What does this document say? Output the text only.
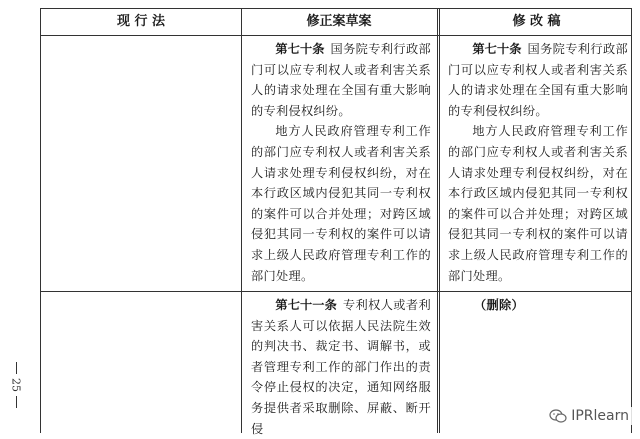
现 行 法	修正案草案	修 改 稿

第七十条 国务院专利行政部门可以应专利权人或者利害关系人的请求处理在全国有重大影响的专利侵权纠纷。

地方人民政府管理专利工作的部门应专利权人或者利害关系人请求处理专利侵权纠纷，对在本行政区域内侵犯其同一专利权的案件可以合并处理；对跨区域侵犯其同一专利权的案件可以请求上级人民政府管理专利工作的部门处理。

第七十条 国务院专利行政部门可以应专利权人或者利害关系人的请求处理在全国有重大影响的专利侵权纠纷。

地方人民政府管理专利工作的部门应专利权人或者利害关系人请求处理专利侵权纠纷，对在本行政区域内侵犯其同一专利权的案件可以合并处理；对跨区域侵犯其同一专利权的案件可以请求上级人民政府管理专利工作的部门处理。

第七十一条 专利权人或者利害关系人可以依据人民法院生效的判决书、裁定书、调解书，或者管理专利工作的部门作出的责令停止侵权的决定，通知网络服务提供者采取删除、屏蔽、断开侵

（删除）
25
IPRlearn
